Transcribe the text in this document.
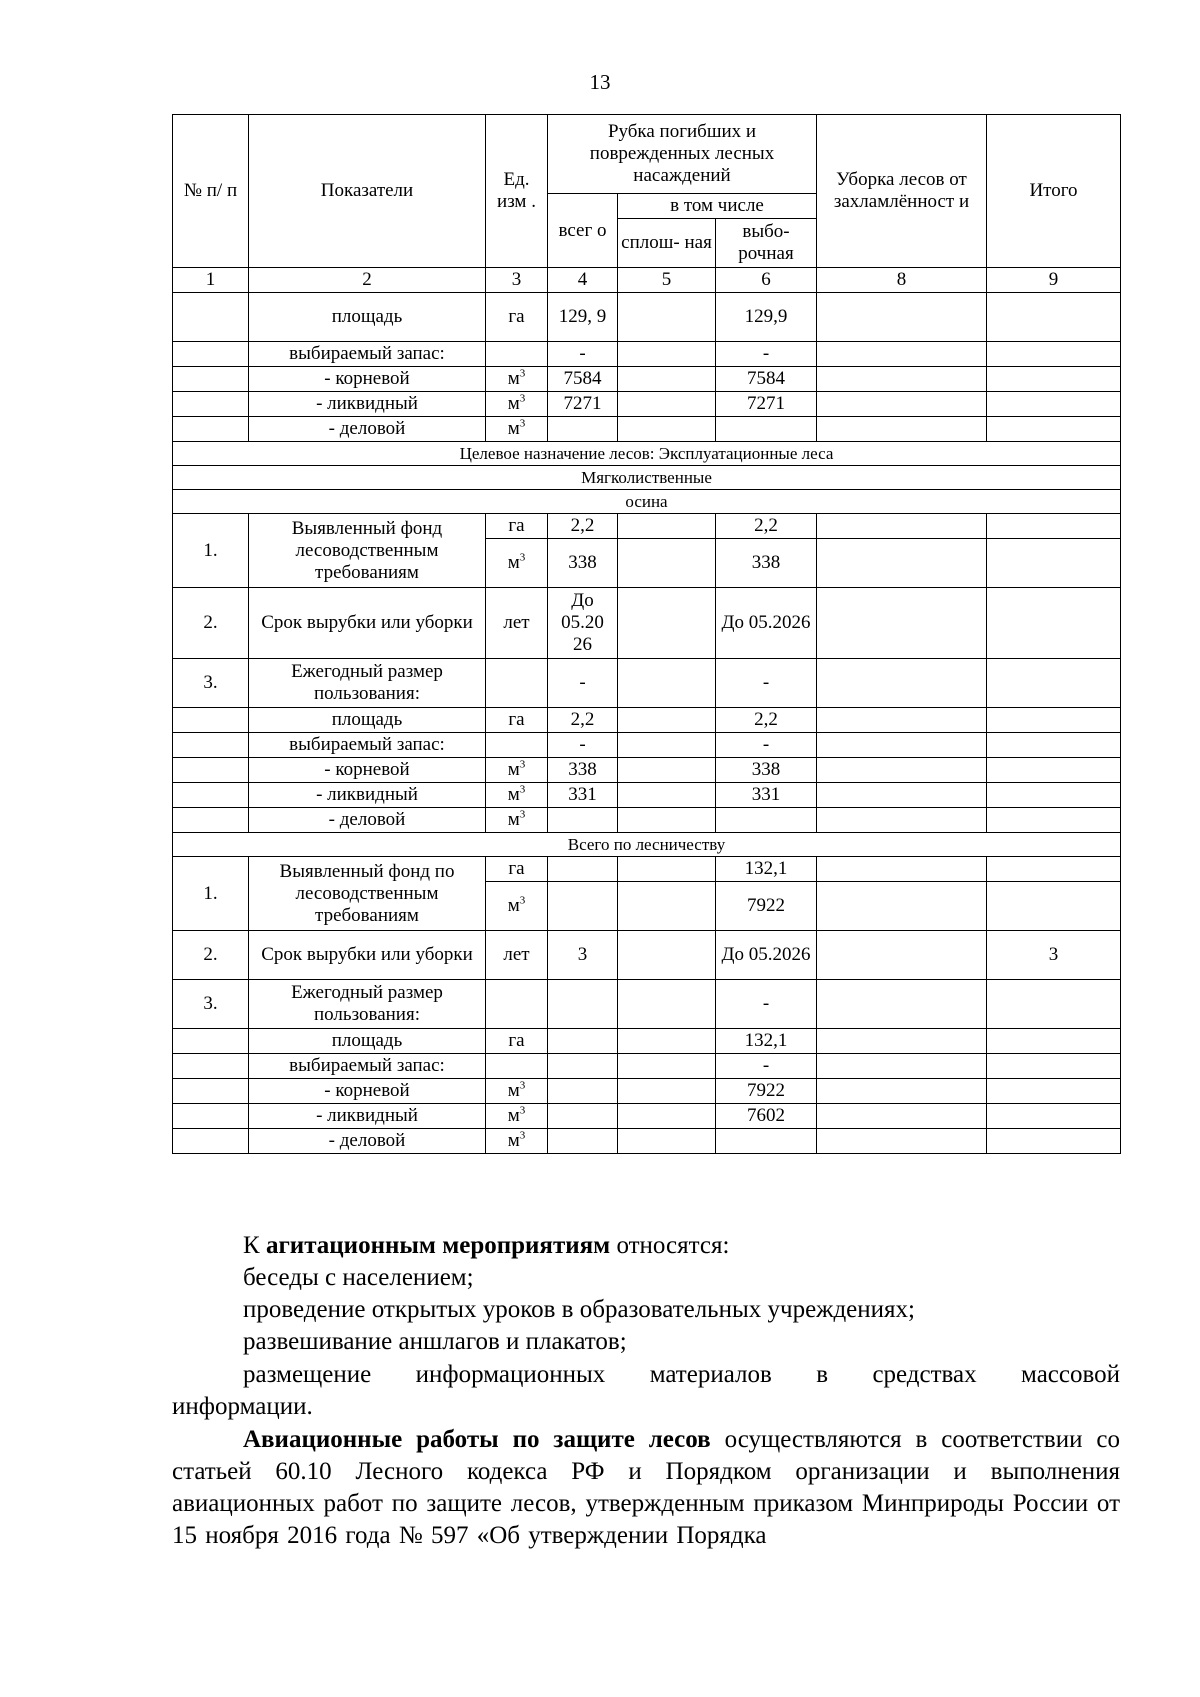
13
№ п/ п	Показатели	Ед. изм .	Рубка погибших и поврежденных лесных насаждений			Уборка лесов от захламлённост и	Итого
			всег о	в том числе			
				сплош- ная	выбо- рочная		
1	2	3	4	5	6	8	9
	площадь	га	129, 9		129,9		
	выбираемый запас:		-		-		
	- корневой	$м^3$	7584		7584		
	- ликвидный	$м^3$	7271		7271		
	- деловой	$м^3$					
Целевое назначение лесов: Эксплуатационные леса							
Мягколиственные							
осина							
1.	Выявленный фонд лесоводственным требованиям	га	2,2		2,2		
		$м^3$	338		338		
2.	Срок вырубки или уборки	лет	До 05.20 26		До 05.2026		
3.	Ежегодный размер пользования:		-		-		
	площадь	га	2,2		2,2		
	выбираемый запас:		-		-		
	- корневой	$м^3$	338		338		
	- ликвидный	$м^3$	331		331		
	- деловой	$м^3$					
Всего по лесничеству							
1.	Выявленный фонд по лесоводственным требованиям	га			132,1		
		$м^3$			7922		
2.	Срок вырубки или уборки	лет	3		До 05.2026		3
3.	Ежегодный размер пользования:				-		
	площадь	га			132,1		
	выбираемый запас:				-		
	- корневой	$м^3$			7922		
	- ликвидный	$м^3$			7602		
	- деловой	$м^3$					
К агитационным мероприятиям относятся:
беседы с населением;
проведение открытых уроков в образовательных учреждениях;
развешивание аншлагов и плакатов;
размещение информационных материалов в средствах массовой
информации.
Авиационные работы по защите лесов осуществляются в соответствии со статьей 60.10 Лесного кодекса РФ и Порядком организации и выполнения авиационных работ по защите лесов, утвержденным приказом Минприроды России от 15 ноября 2016 года № 597 «Об утверждении Порядка
